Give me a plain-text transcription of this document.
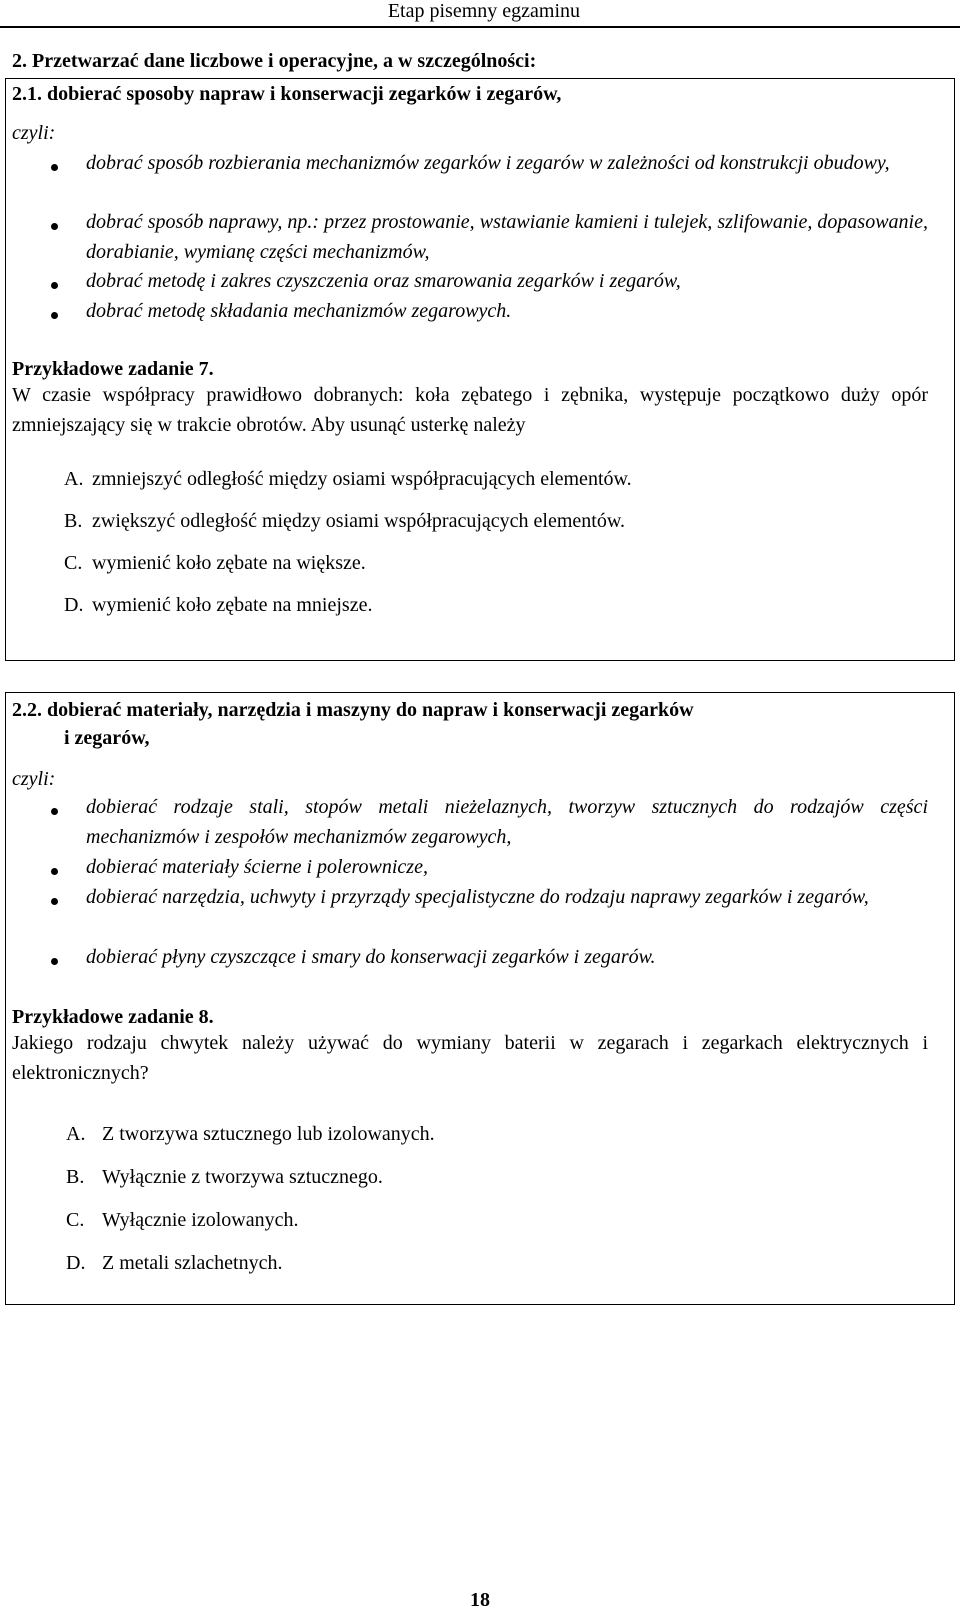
Etap pisemny egzaminu
2. Przetwarzać dane liczbowe i operacyjne, a w szczególności:
2.1. dobierać sposoby napraw i konserwacji zegarków i zegarów,
czyli:
dobrać sposób rozbierania mechanizmów zegarków i zegarów w zależności od konstrukcji obudowy,
dobrać sposób naprawy, np.: przez prostowanie, wstawianie kamieni i tulejek, szlifowanie, dopasowanie, dorabianie, wymianę części mechanizmów,
dobrać metodę i zakres czyszczenia oraz smarowania zegarków i zegarów,
dobrać metodę składania mechanizmów zegarowych.
Przykładowe zadanie 7.
W czasie współpracy prawidłowo dobranych: koła zębatego i zębnika, występuje początkowo duży opór zmniejszający się w trakcie obrotów. Aby usunąć usterkę należy
A. zmniejszyć odległość między osiami współpracujących elementów.
B. zwiększyć odległość między osiami współpracujących elementów.
C. wymienić koło zębate na większe.
D. wymienić koło zębate na mniejsze.
2.2. dobierać materiały, narzędzia i maszyny do napraw i konserwacji zegarków
i zegarów,
czyli:
dobierać rodzaje stali, stopów metali nieżelaznych, tworzyw sztucznych do rodzajów części mechanizmów i zespołów mechanizmów zegarowych,
dobierać materiały ścierne i polerownicze,
dobierać narzędzia, uchwyty i przyrządy specjalistyczne do rodzaju naprawy zegarków i zegarów,
dobierać płyny czyszczące i smary do konserwacji zegarków i zegarów.
Przykładowe zadanie 8.
Jakiego rodzaju chwytek należy używać do wymiany baterii w zegarach i zegarkach elektrycznych i elektronicznych?
A. Z tworzywa sztucznego lub izolowanych.
B. Wyłącznie z tworzywa sztucznego.
C. Wyłącznie izolowanych.
D. Z metali szlachetnych.
18
